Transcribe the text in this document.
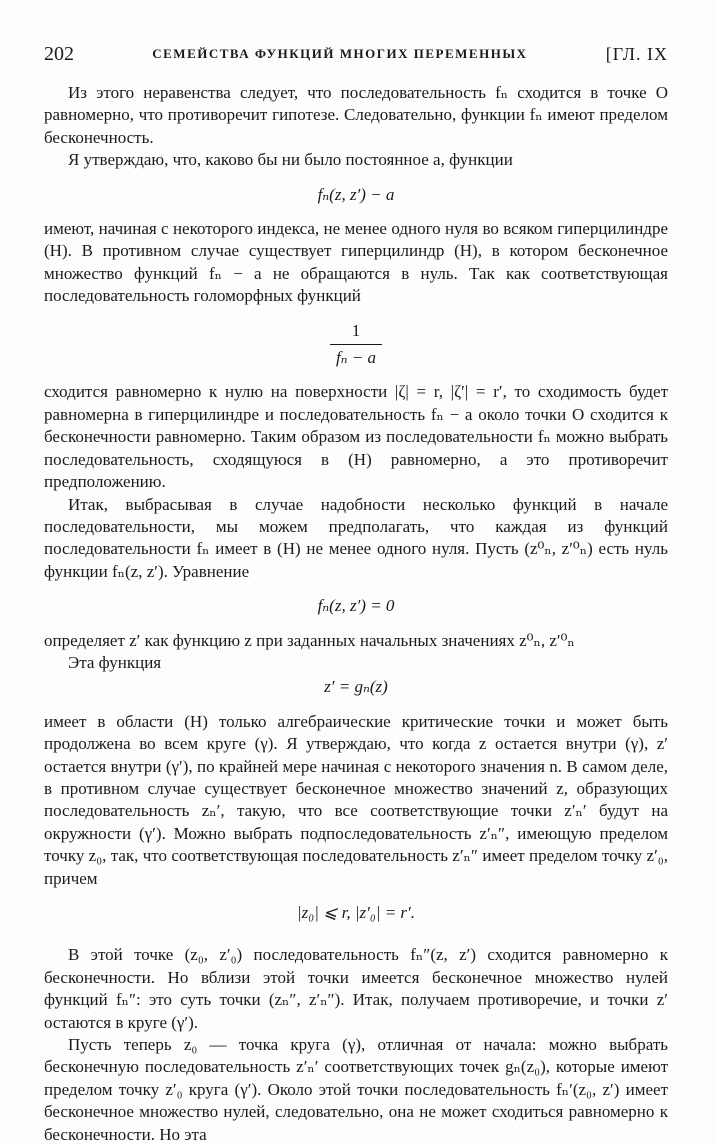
202	СЕМЕЙСТВА ФУНКЦИЙ МНОГИХ ПЕРЕМЕННЫХ	[ГЛ. IX

Из этого неравенства следует, что последовательность fₙ сходится в точке O равномерно, что противоречит гипотезе. Следовательно, функции fₙ имеют пределом бесконечность.

Я утверждаю, что, каково бы ни было постоянное a, функции

fₙ(z, z′) − a

имеют, начиная с некоторого индекса, не менее одного нуля во всяком гиперцилиндре (H). В противном случае существует гиперцилиндр (H), в котором бесконечное множество функций fₙ − a не обращаются в нуль. Так как соответствующая последовательность голоморфных функций

$\frac{1}{\text{fₙ − a}}$

сходится равномерно к нулю на поверхности |ζ| = r, |ζ′| = r′, то сходимость будет равномерна в гиперцилиндре и последовательность fₙ − a около точки O сходится к бесконечности равномерно. Таким образом из последовательности fₙ можно выбрать последовательность, сходящуюся в (H) равномерно, а это противоречит предположению.

Итак, выбрасывая в случае надобности несколько функций в начале последовательности, мы можем предполагать, что каждая из функций последовательности fₙ имеет в (H) не менее одного нуля. Пусть (z⁰ₙ, z′⁰ₙ) есть нуль функции fₙ(z, z′). Уравнение

fₙ(z, z′) = 0

определяет z′ как функцию z при заданных начальных значениях z⁰ₙ, z′⁰ₙ

Эта функция

z′ = gₙ(z)

имеет в области (H) только алгебраические критические точки и может быть продолжена во всем круге (γ). Я утверждаю, что когда z остается внутри (γ), z′ остается внутри (γ′), по крайней мере начиная с некоторого значения n. В самом деле, в противном случае существует бесконечное множество значений z, образующих последовательность zₙ′, такую, что все соответствующие точки z′ₙ′ будут на окружности (γ′). Можно выбрать подпоследовательность z′ₙ″, имеющую пределом точку z₀, так, что соответствующая последовательность z′ₙ″ имеет пределом точку z′₀, причем

|z₀| ⩽ r, |z′₀| = r′.

В этой точке (z₀, z′₀) последовательность fₙ″(z, z′) сходится равномерно к бесконечности. Но вблизи этой точки имеется бесконечное множество нулей функций fₙ″: это суть точки (zₙ″, z′ₙ″). Итак, получаем противоречие, и точки z′ остаются в круге (γ′).

Пусть теперь z₀ — точка круга (γ), отличная от начала: можно выбрать бесконечную последовательность z′ₙ′ соответствующих точек gₙ(z₀), которые имеют пределом точку z′₀ круга (γ′). Около этой точки последовательность fₙ′(z₀, z′) имеет бесконечное множество нулей, следовательно, она не может сходиться равномерно к бесконечности. Но эта
